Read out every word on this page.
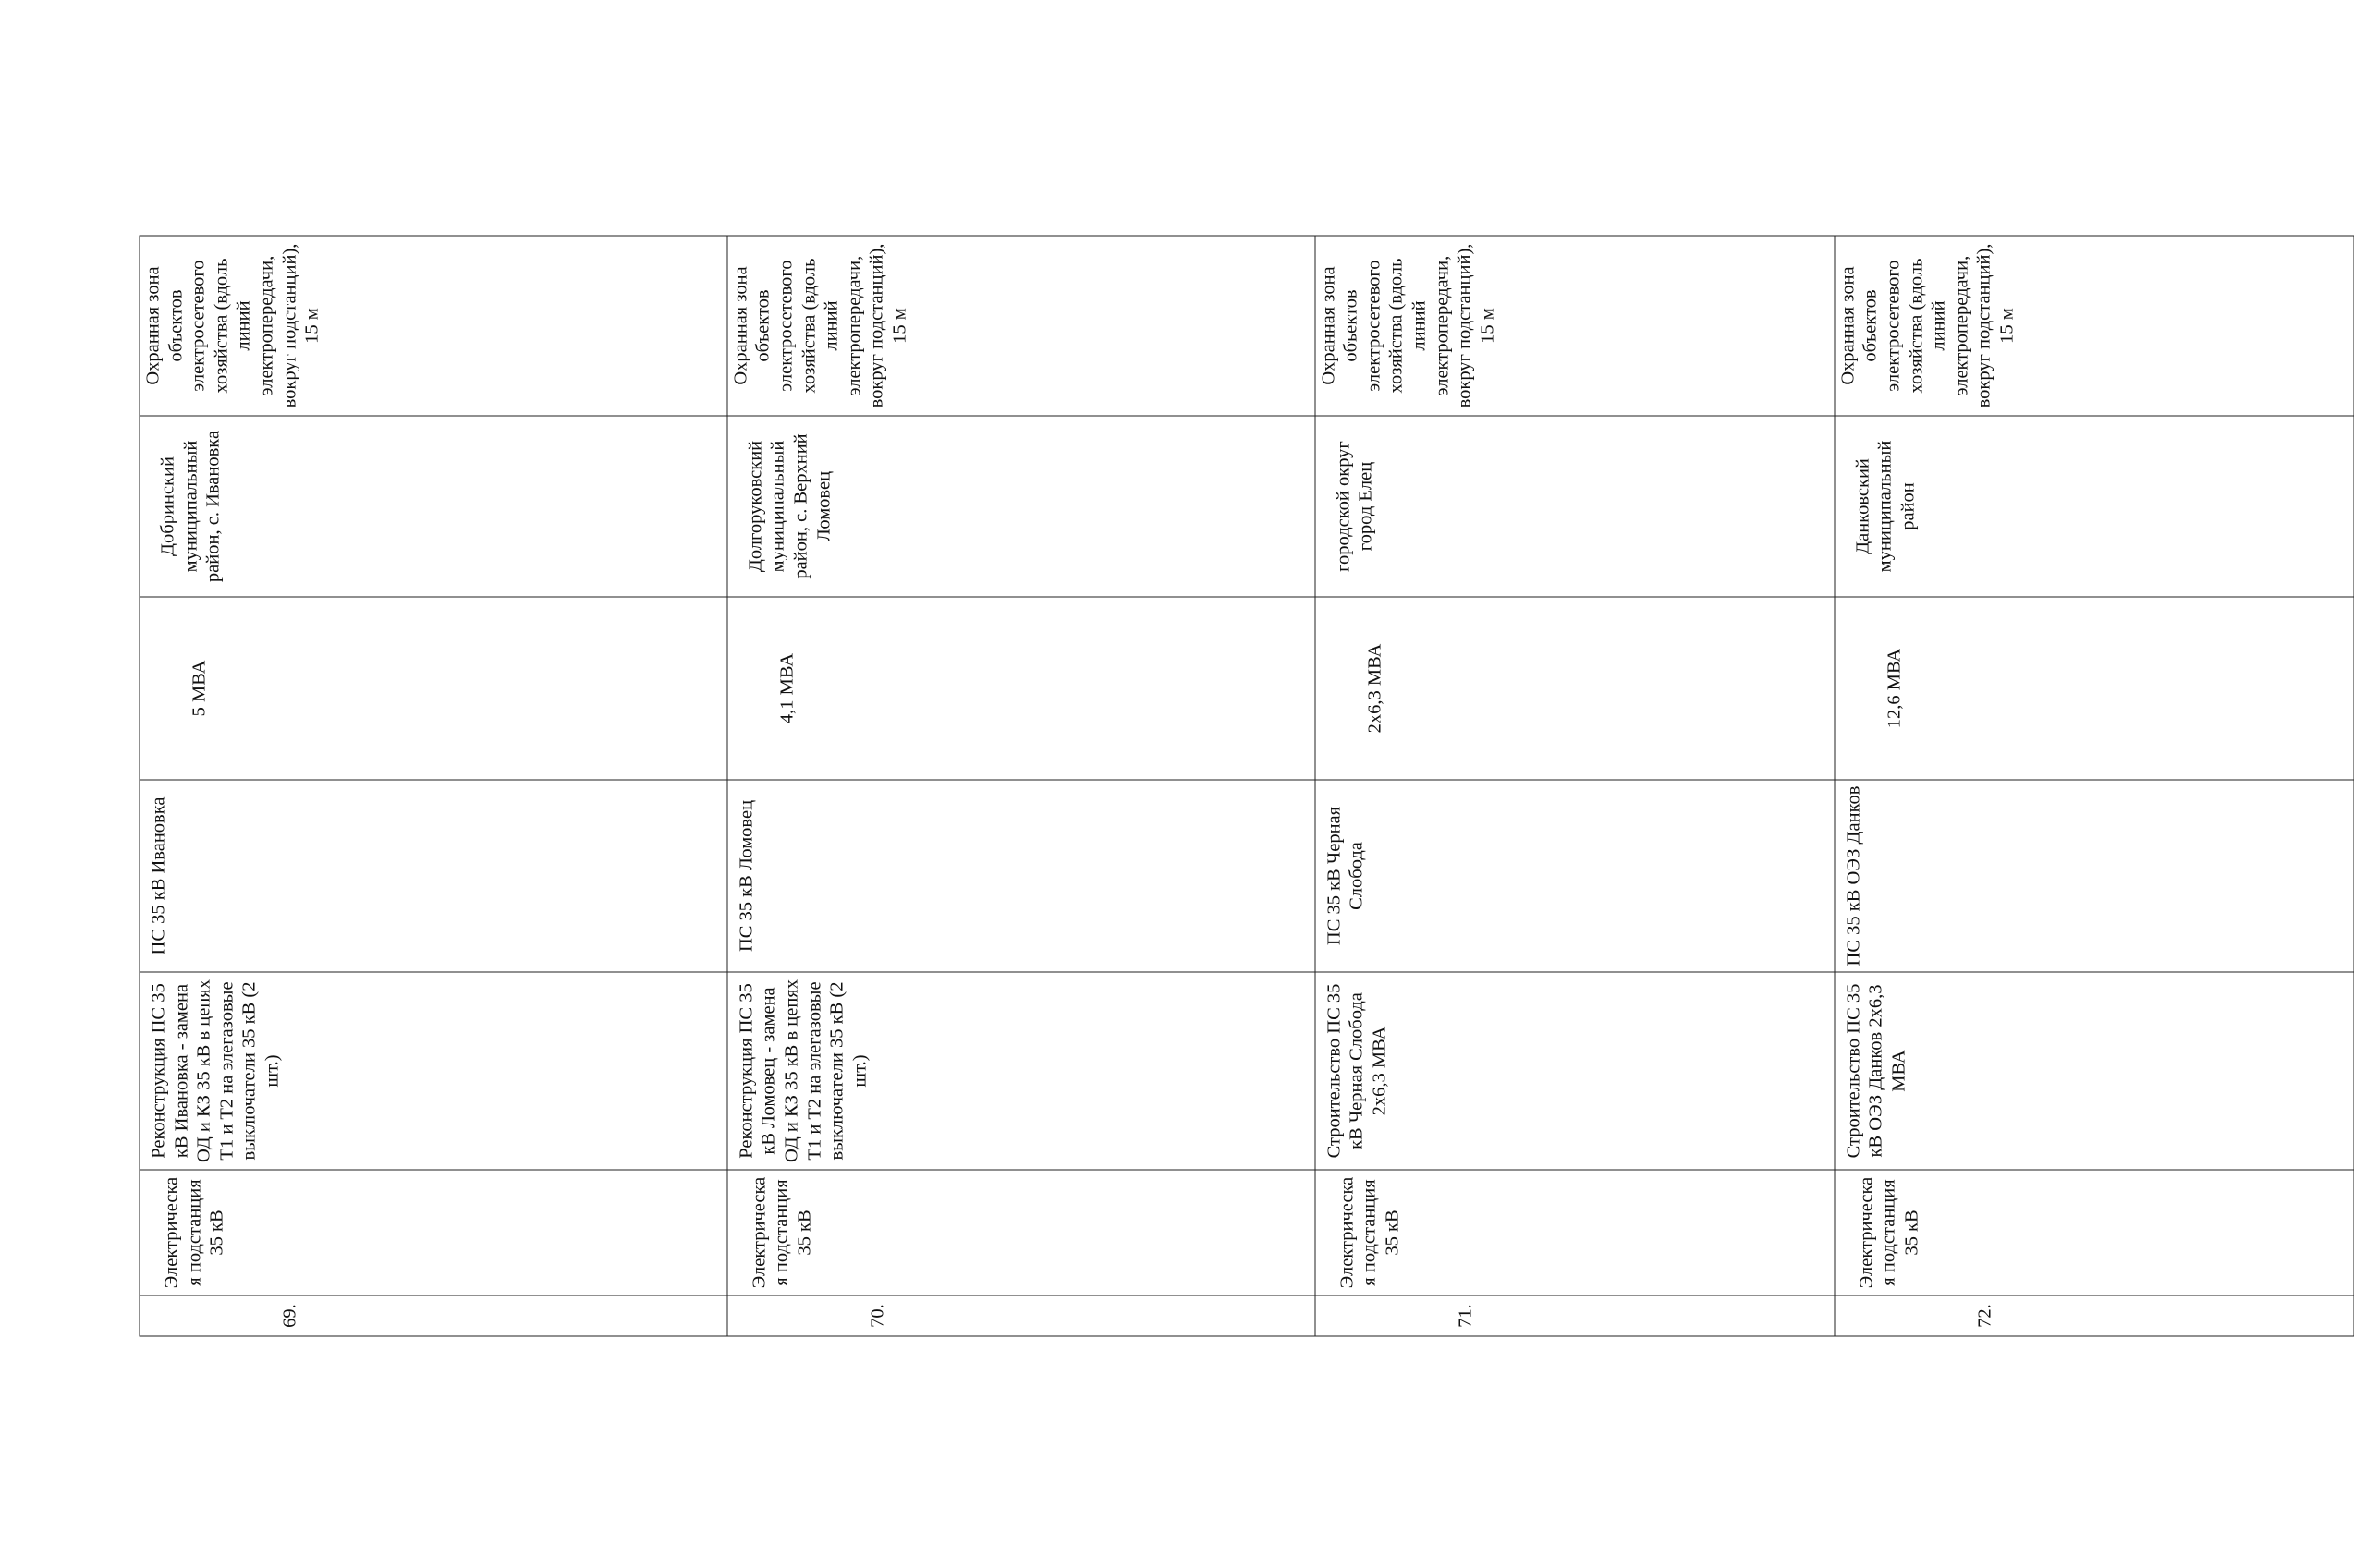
69.	Электрическая подстанция 35 кВ	Реконструкция ПС 35 кВ Ивановка - замена ОД и КЗ 35 кВ в цепях Т1 и Т2 на элегазовые выключатели 35 кВ (2 шт.)	ПС 35 кВ Ивановка	5 МВА	Добринский муниципальный район, с. Ивановка	Охранная зона объектов электросетевого хозяйства (вдоль линий электропередачи, вокруг подстанций), 15 м	
70.	Электрическая подстанция 35 кВ	Реконструкция ПС 35 кВ Ломовец - замена ОД и КЗ 35 кВ в цепях Т1 и Т2 на элегазовые выключатели 35 кВ (2 шт.)	ПС 35 кВ Ломовец	4,1 МВА	Долгоруковский муниципальный район, с. Верхний Ломовец	Охранная зона объектов электросетевого хозяйства (вдоль линий электропередачи, вокруг подстанций), 15 м	
71.	Электрическая подстанция 35 кВ	Строительство ПС 35 кВ Черная Слобода 2х6,3 МВА	ПС 35 кВ Черная Слобода	2х6,3 МВА	городской округ город Елец	Охранная зона объектов электросетевого хозяйства (вдоль линий электропередачи, вокруг подстанций), 15 м	
72.	Электрическая подстанция 35 кВ	Строительство ПС 35 кВ ОЭЗ Данков 2х6,3 МВА	ПС 35 кВ ОЭЗ Данков	12,6 МВА	Данковский муниципальный район	Охранная зона объектов электросетевого хозяйства (вдоль линий электропередачи, вокруг подстанций), 15 м	
